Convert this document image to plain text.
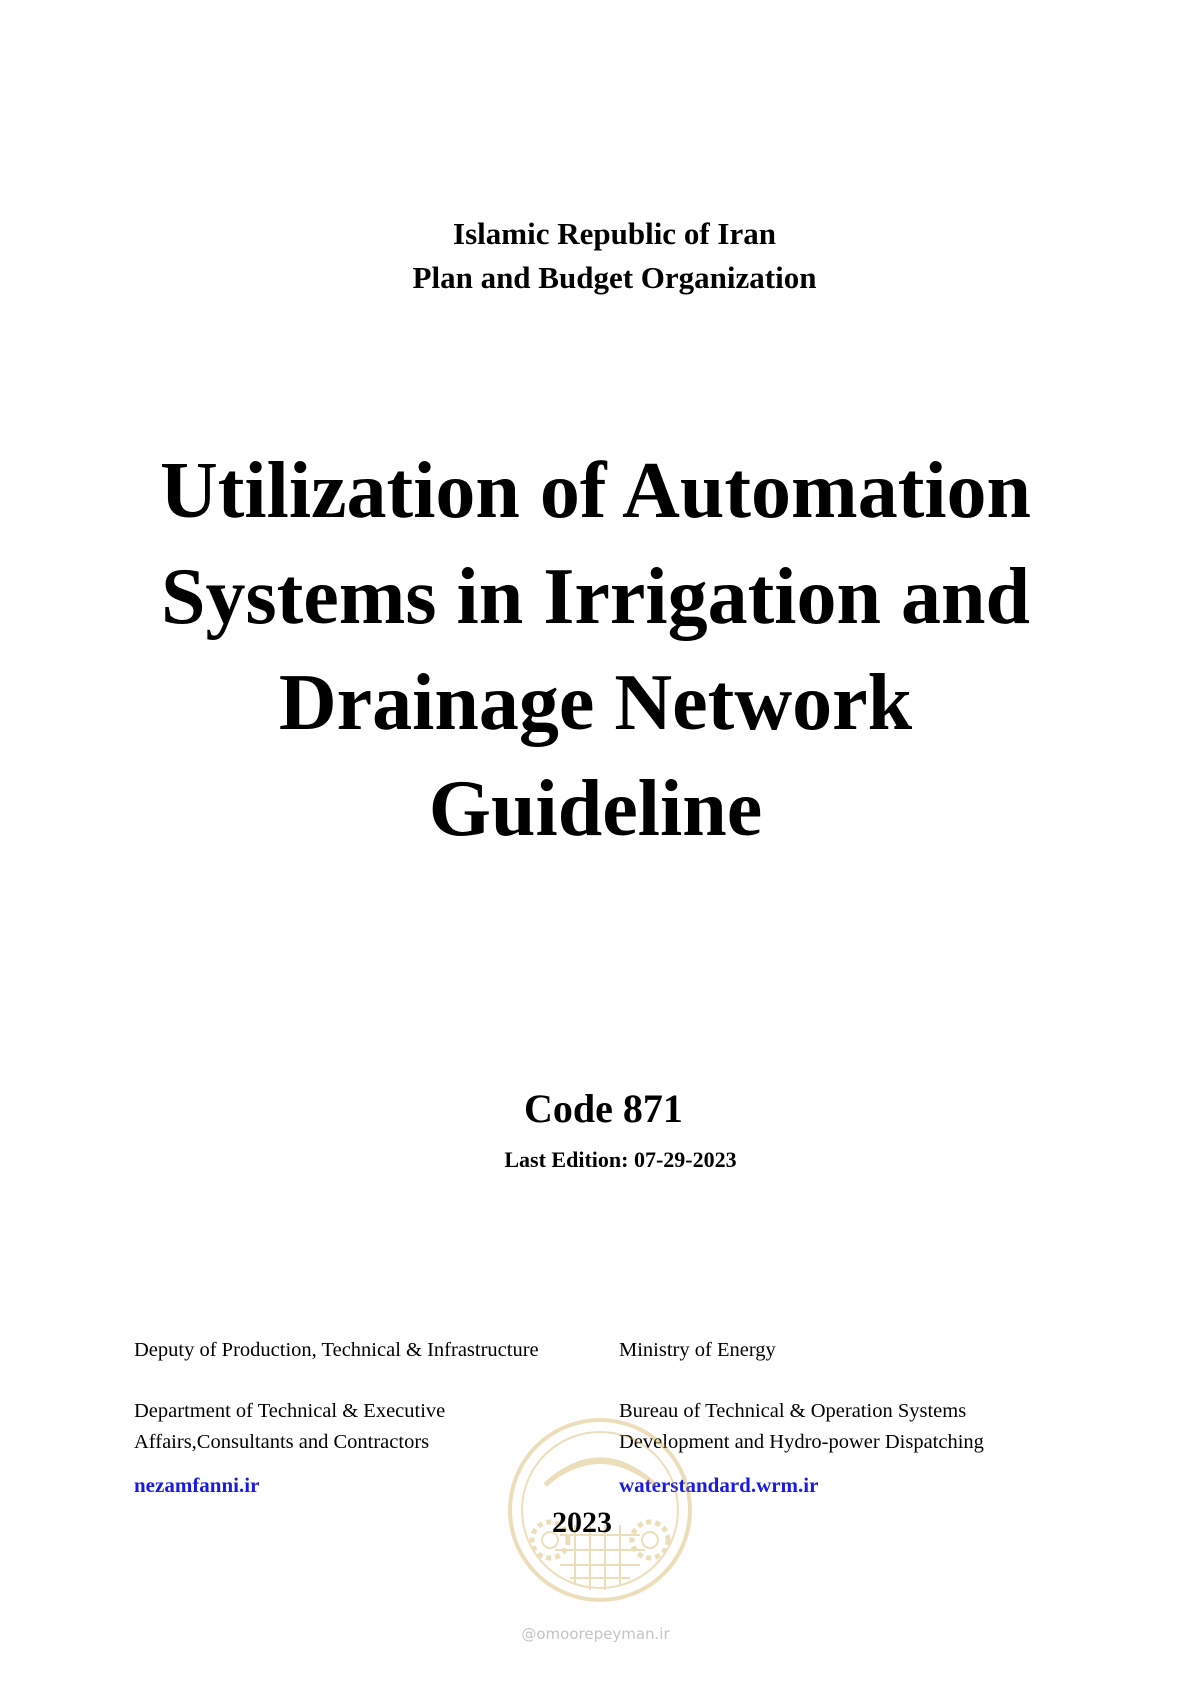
Islamic Republic of Iran
Plan and Budget Organization
Utilization of Automation
Systems in Irrigation and
Drainage Network
Guideline
Code 871
Last Edition: 07-29-2023

Deputy of Production, Technical & Infrastructure

Department of Technical & Executive

Affairs,Consultants and Contractors

nezamfanni.ir

Ministry of Energy

Bureau of Technical & Operation Systems

Development and Hydro-power Dispatching

waterstandard.wrm.ir

2023
@omoorepeyman.ir
